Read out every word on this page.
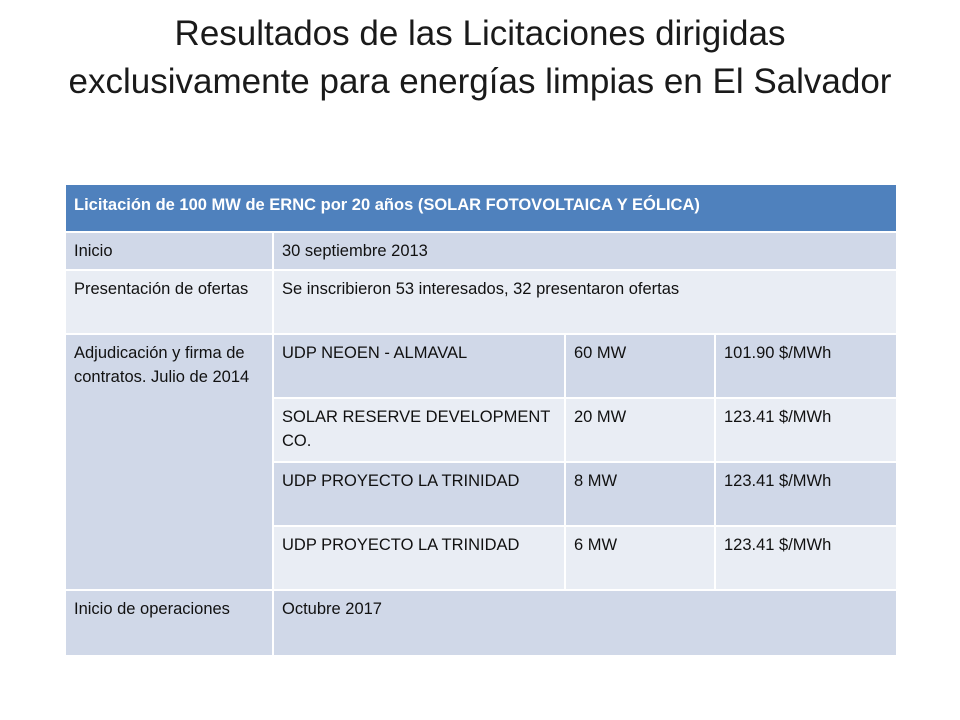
Resultados de las Licitaciones dirigidas exclusivamente para energías limpias en El Salvador
Licitación de 100 MW de ERNC por 20 años (SOLAR FOTOVOLTAICA Y EÓLICA)			
Inicio	30 septiembre 2013		
Presentación de ofertas	Se inscribieron 53 interesados, 32 presentaron ofertas		
Adjudicación y firma de contratos. Julio de 2014	UDP NEOEN - ALMAVAL	60 MW	101.90 $/MWh
	SOLAR RESERVE DEVELOPMENT CO.	20 MW	123.41 $/MWh
	UDP PROYECTO LA TRINIDAD	8 MW	123.41 $/MWh
	UDP PROYECTO LA TRINIDAD	6 MW	123.41 $/MWh
Inicio de operaciones	Octubre 2017		
